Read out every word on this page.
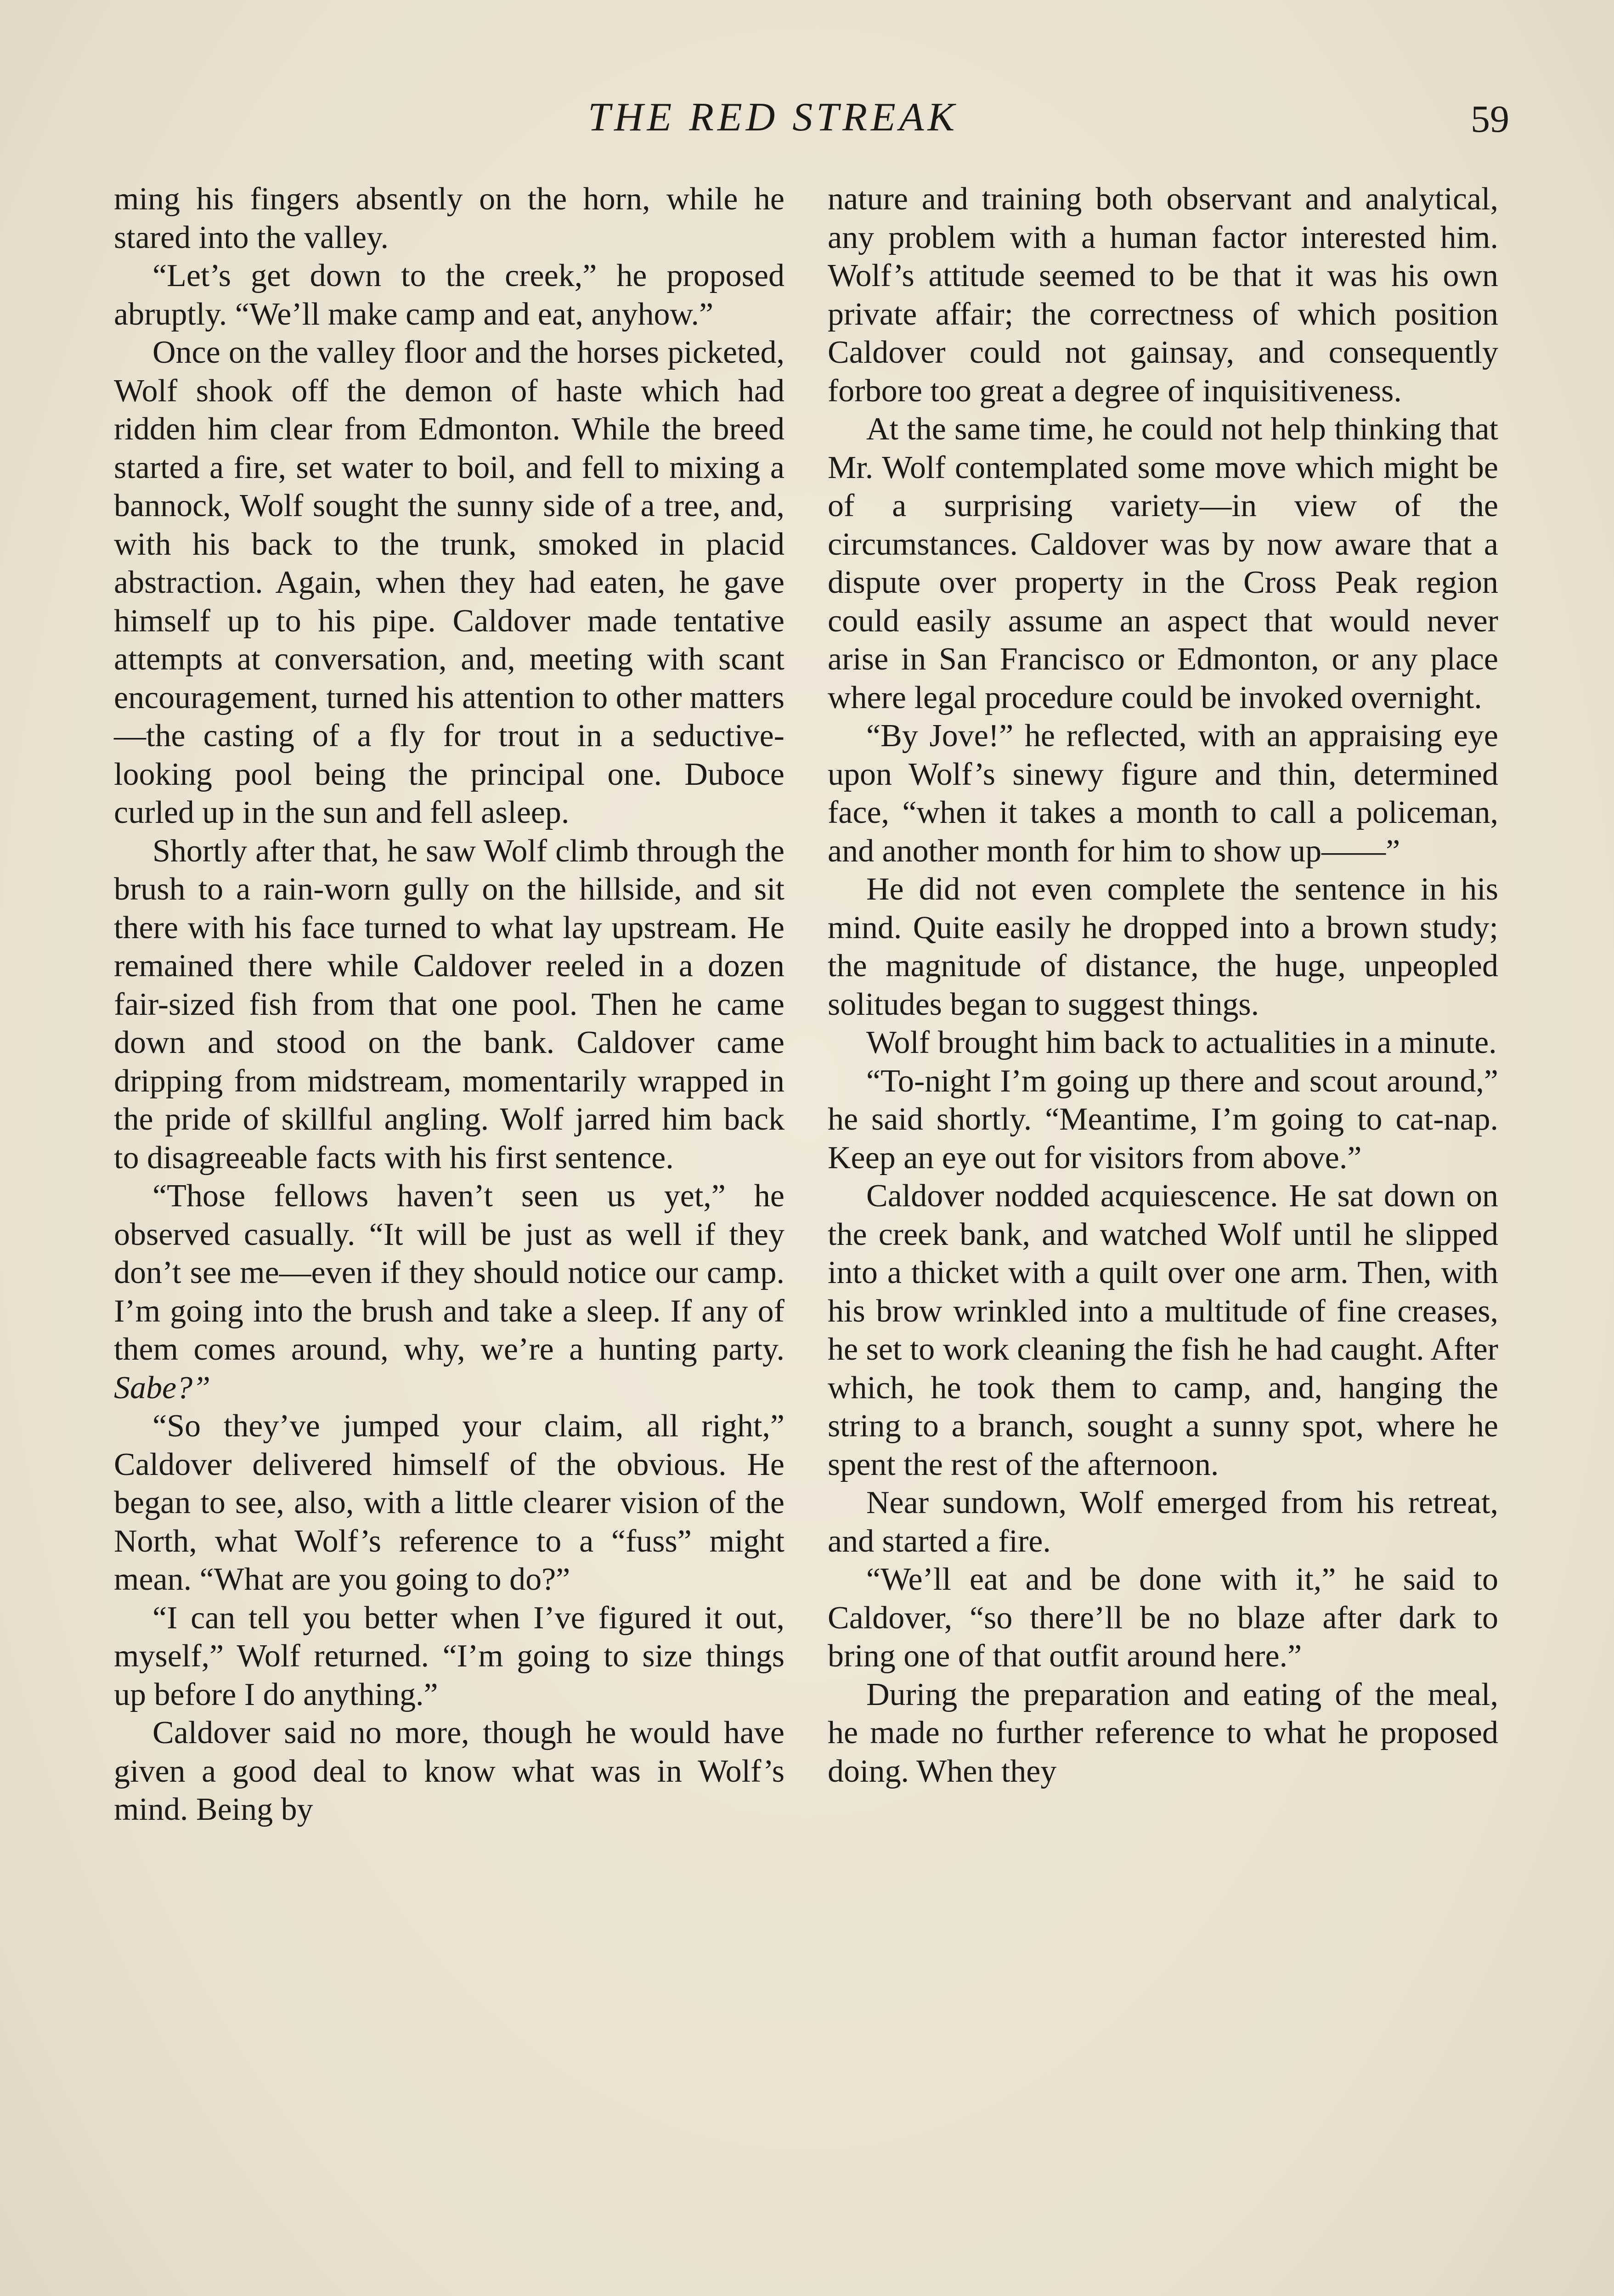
THE RED STREAK	59

ming his fingers absently on the horn, while he stared into the valley.

“Let’s get down to the creek,” he proposed abruptly. “We’ll make camp and eat, anyhow.”

Once on the valley floor and the horses picketed, Wolf shook off the demon of haste which had ridden him clear from Edmonton. While the breed started a fire, set water to boil, and fell to mixing a bannock, Wolf sought the sunny side of a tree, and, with his back to the trunk, smoked in placid abstraction. Again, when they had eaten, he gave himself up to his pipe. Caldover made tentative attempts at conversation, and, meeting with scant encouragement, turned his attention to other matters—the casting of a fly for trout in a seductive-looking pool being the principal one. Duboce curled up in the sun and fell asleep.

Shortly after that, he saw Wolf climb through the brush to a rain-worn gully on the hillside, and sit there with his face turned to what lay upstream. He remained there while Caldover reeled in a dozen fair-sized fish from that one pool. Then he came down and stood on the bank. Caldover came dripping from midstream, momentarily wrapped in the pride of skillful angling. Wolf jarred him back to disagreeable facts with his first sentence.

“Those fellows haven’t seen us yet,” he observed casually. “It will be just as well if they don’t see me—even if they should notice our camp. I’m going into the brush and take a sleep. If any of them comes around, why, we’re a hunting party. Sabe?”

“So they’ve jumped your claim, all right,” Caldover delivered himself of the obvious. He began to see, also, with a little clearer vision of the North, what Wolf’s reference to a “fuss” might mean. “What are you going to do?”

“I can tell you better when I’ve figured it out, myself,” Wolf returned. “I’m going to size things up before I do anything.”

Caldover said no more, though he would have given a good deal to know what was in Wolf’s mind. Being by

nature and training both observant and analytical, any problem with a human factor interested him. Wolf’s attitude seemed to be that it was his own private affair; the correctness of which position Caldover could not gainsay, and consequently forbore too great a degree of inquisitiveness.

At the same time, he could not help thinking that Mr. Wolf contemplated some move which might be of a surprising variety—in view of the circumstances. Caldover was by now aware that a dispute over property in the Cross Peak region could easily assume an aspect that would never arise in San Francisco or Edmonton, or any place where legal procedure could be invoked overnight.

“By Jove!” he reflected, with an appraising eye upon Wolf’s sinewy figure and thin, determined face, “when it takes a month to call a policeman, and another month for him to show up——”

He did not even complete the sentence in his mind. Quite easily he dropped into a brown study; the magnitude of distance, the huge, unpeopled solitudes began to suggest things.

Wolf brought him back to actualities in a minute.

“To-night I’m going up there and scout around,” he said shortly. “Meantime, I’m going to cat-nap. Keep an eye out for visitors from above.”

Caldover nodded acquiescence. He sat down on the creek bank, and watched Wolf until he slipped into a thicket with a quilt over one arm. Then, with his brow wrinkled into a multitude of fine creases, he set to work cleaning the fish he had caught. After which, he took them to camp, and, hanging the string to a branch, sought a sunny spot, where he spent the rest of the afternoon.

Near sundown, Wolf emerged from his retreat, and started a fire.

“We’ll eat and be done with it,” he said to Caldover, “so there’ll be no blaze after dark to bring one of that outfit around here.”

During the preparation and eating of the meal, he made no further reference to what he proposed doing. When they
